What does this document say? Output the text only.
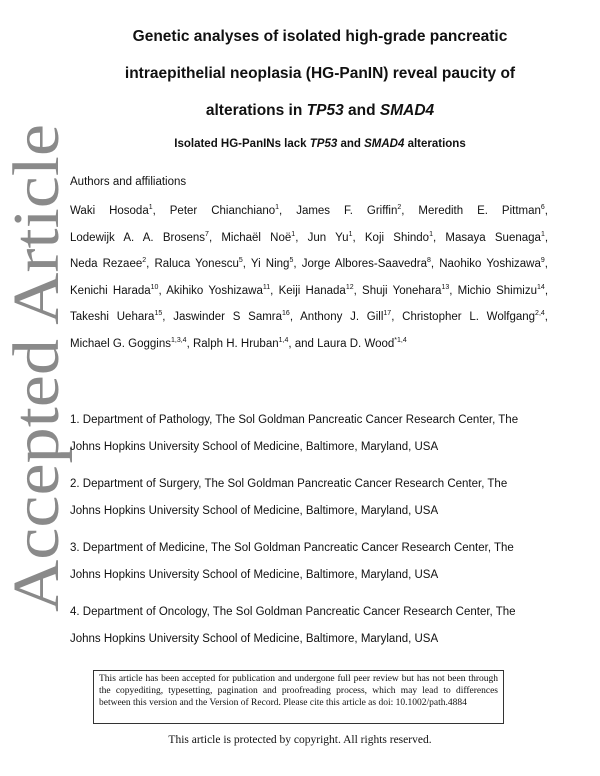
Accepted Article
Genetic analyses of isolated high-grade pancreatic
intraepithelial neoplasia (HG-PanIN) reveal paucity of
alterations in TP53 and SMAD4
Isolated HG-PanINs lack TP53 and SMAD4 alterations
Authors and affiliations
Waki Hosoda$^1$, Peter Chianchiano$^1$, James F. Griffin$^2$, Meredith E. Pittman$^6$, Lodewijk A. A. Brosens$^7$, Michaël Noë$^1$, Jun Yu$^1$, Koji Shindo$^1$, Masaya Suenaga$^1$, Neda Rezaee$^2$, Raluca Yonescu$^5$, Yi Ning$^5$, Jorge Albores-Saavedra$^8$, Naohiko Yoshizawa$^9$, Kenichi Harada$^{10}$, Akihiko Yoshizawa$^{11}$, Keiji Hanada$^{12}$, Shuji Yonehara$^{13}$, Michio Shimizu$^{14}$, Takeshi Uehara$^{15}$, Jaswinder S Samra$^{16}$, Anthony J. Gill$^{17}$, Christopher L. Wolfgang$^{2,4}$, Michael G. Goggins$^{1,3,4}$, Ralph H. Hruban$^{1,4}$, and Laura D. Wood$^{*1,4}$
1. Department of Pathology, The Sol Goldman Pancreatic Cancer Research Center, The
Johns Hopkins University School of Medicine, Baltimore, Maryland, USA
2. Department of Surgery, The Sol Goldman Pancreatic Cancer Research Center, The
Johns Hopkins University School of Medicine, Baltimore, Maryland, USA
3. Department of Medicine, The Sol Goldman Pancreatic Cancer Research Center, The
Johns Hopkins University School of Medicine, Baltimore, Maryland, USA
4. Department of Oncology, The Sol Goldman Pancreatic Cancer Research Center, The
Johns Hopkins University School of Medicine, Baltimore, Maryland, USA
This article has been accepted for publication and undergone full peer review but has not been through the copyediting, typesetting, pagination and proofreading process, which may lead to differences between this version and the Version of Record. Please cite this article as doi: 10.1002/path.4884
This article is protected by copyright. All rights reserved.
